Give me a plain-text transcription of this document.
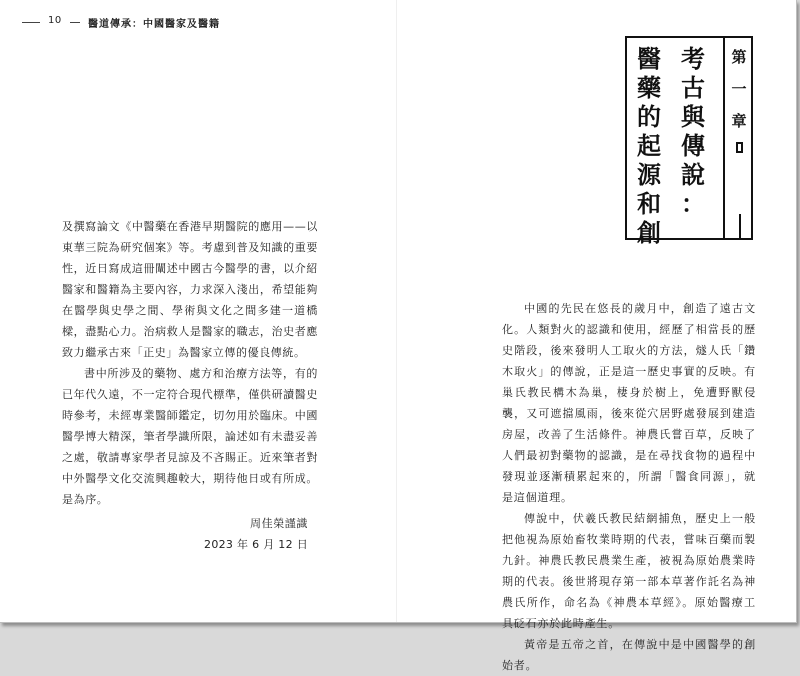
10	醫道傳承：中國醫家及醫籍

及撰寫論文《中醫藥在香港早期醫院的應用——以東華三院為研究個案》等。考慮到普及知識的重要性，近日寫成這冊闡述中國古今醫學的書，以介紹醫家和醫籍為主要內容，力求深入淺出，希望能夠在醫學與史學之間、學術與文化之間多建一道橋樑，盡點心力。治病救人是醫家的職志，治史者應致力繼承古來「正史」為醫家立傳的優良傳統。

書中所涉及的藥物、處方和治療方法等，有的已年代久遠，不一定符合現代標準，僅供研讀醫史時參考，未經專業醫師鑑定，切勿用於臨床。中國醫學博大精深，筆者學識所限，論述如有未盡妥善之處，敬請專家學者見諒及不吝賜正。近來筆者對中外醫學文化交流興趣較大，期待他日或有所成。是為序。

周佳榮謹識
2023 年 6 月 12 日
考
古
與
傳
說
：
醫
藥
的
起
源
和
創
第
一
章

中國的先民在悠長的歲月中，創造了遠古文化。人類對火的認識和使用，經歷了相當長的歷史階段，後來發明人工取火的方法，燧人氏「鑽木取火」的傳說，正是這一歷史事實的反映。有巢氏教民構木為巢，棲身於樹上，免遭野獸侵襲，又可遮擋風雨，後來從穴居野處發展到建造房屋，改善了生活條件。神農氏嘗百草，反映了人們最初對藥物的認識，是在尋找食物的過程中發現並逐漸積累起來的，所謂「醫食同源」，就是這個道理。

傳說中，伏羲氏教民結網捕魚，歷史上一般把他視為原始畜牧業時期的代表，嘗味百藥而製九針。神農氏教民農業生產，被視為原始農業時期的代表。後世將現存第一部本草著作託名為神農氏所作，命名為《神農本草經》。原始醫療工具砭石亦於此時產生。

黃帝是五帝之首，在傳說中是中國醫學的創始者。
